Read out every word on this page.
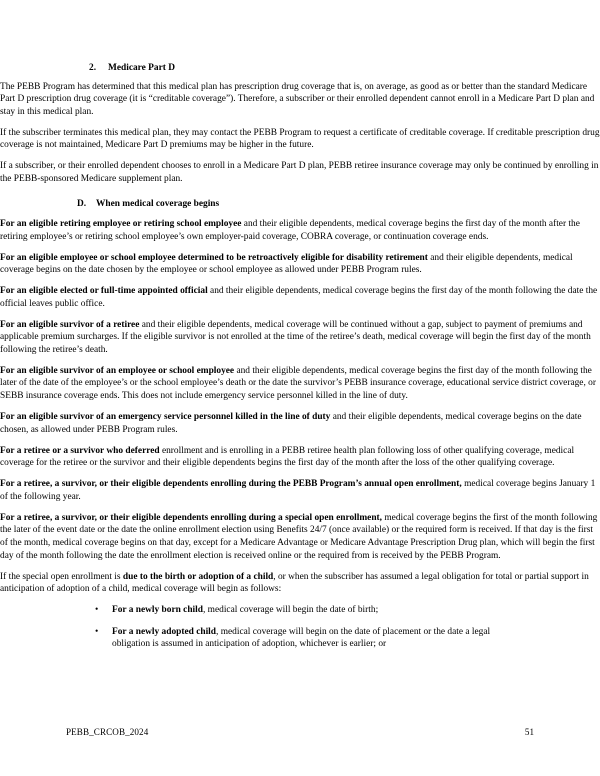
2.	Medicare Part D

The PEBB Program has determined that this medical plan has prescription drug coverage that is, on average, as good as or better than the standard Medicare Part D prescription drug coverage (it is “creditable coverage”). Therefore, a subscriber or their enrolled dependent cannot enroll in a Medicare Part D plan and stay in this medical plan.

If the subscriber terminates this medical plan, they may contact the PEBB Program to request a certificate of creditable coverage. If creditable prescription drug coverage is not maintained, Medicare Part D premiums may be higher in the future.

If a subscriber, or their enrolled dependent chooses to enroll in a Medicare Part D plan, PEBB retiree insurance coverage may only be continued by enrolling in the PEBB-sponsored Medicare supplement plan.

D.	When medical coverage begins

For an eligible retiring employee or retiring school employee and their eligible dependents, medical coverage begins the first day of the month after the retiring employee’s or retiring school employee’s own employer-paid coverage, COBRA coverage, or continuation coverage ends.

For an eligible employee or school employee determined to be retroactively eligible for disability retirement and their eligible dependents, medical coverage begins on the date chosen by the employee or school employee as allowed under PEBB Program rules.

For an eligible elected or full-time appointed official and their eligible dependents, medical coverage begins the first day of the month following the date the official leaves public office.

For an eligible survivor of a retiree and their eligible dependents, medical coverage will be continued without a gap, subject to payment of premiums and applicable premium surcharges. If the eligible survivor is not enrolled at the time of the retiree’s death, medical coverage will begin the first day of the month following the retiree’s death.

For an eligible survivor of an employee or school employee and their eligible dependents, medical coverage begins the first day of the month following the later of the date of the employee’s or the school employee’s death or the date the survivor’s PEBB insurance coverage, educational service district coverage, or SEBB insurance coverage ends. This does not include emergency service personnel killed in the line of duty.

For an eligible survivor of an emergency service personnel killed in the line of duty and their eligible dependents, medical coverage begins on the date chosen, as allowed under PEBB Program rules.

For a retiree or a survivor who deferred enrollment and is enrolling in a PEBB retiree health plan following loss of other qualifying coverage, medical coverage for the retiree or the survivor and their eligible dependents begins the first day of the month after the loss of the other qualifying coverage.

For a retiree, a survivor, or their eligible dependents enrolling during the PEBB Program’s annual open enrollment, medical coverage begins January 1 of the following year.

For a retiree, a survivor, or their eligible dependents enrolling during a special open enrollment, medical coverage begins the first of the month following the later of the event date or the date the online enrollment election using Benefits 24/7 (once available) or the required form is received. If that day is the first of the month, medical coverage begins on that day, except for a Medicare Advantage or Medicare Advantage Prescription Drug plan, which will begin the first day of the month following the date the enrollment election is received online or the required from is received by the PEBB Program.

If the special open enrollment is due to the birth or adoption of a child, or when the subscriber has assumed a legal obligation for total or partial support in anticipation of adoption of a child, medical coverage will begin as follows:

• For a newly born child, medical coverage will begin the date of birth;
• For a newly adopted child, medical coverage will begin on the date of placement or the date a legal obligation is assumed in anticipation of adoption, whichever is earlier; or
PEBB_CRCOB_2024	51
